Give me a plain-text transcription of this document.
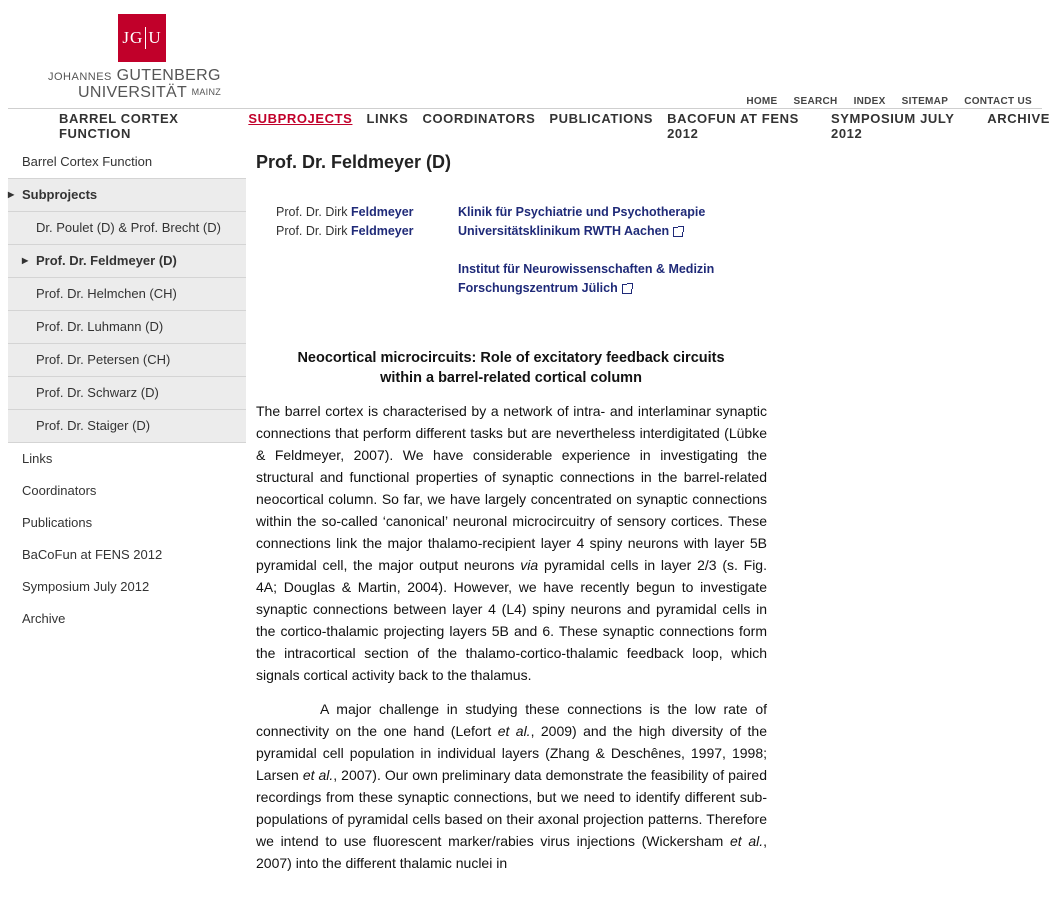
JG U
JOHANNES GUTENBERG
UNIVERSITÄT $^{MAINZ}$
HOME SEARCH INDEX SITEMAP CONTACT US
BARREL CORTEX FUNCTION
SUBPROJECTS LINKS COORDINATORS PUBLICATIONS BACOFUN AT FENS 2012
SYMPOSIUM JULY 2012
ARCHIVE
Barrel Cortex Function
▶ Subprojects
Dr. Poulet (D) & Prof. Brecht (D)
▶ Prof. Dr. Feldmeyer (D)
Prof. Dr. Helmchen (CH)
Prof. Dr. Luhmann (D)
Prof. Dr. Petersen (CH)
Prof. Dr. Schwarz (D)
Prof. Dr. Staiger (D)
Links
Coordinators
Publications
BaCoFun at FENS 2012
Symposium July 2012
Archive
Prof. Dr. Feldmeyer (D)
Prof. Dr. Dirk Feldmeyer
Prof. Dr. Dirk Feldmeyer
Klinik für Psychiatrie und Psychotherapie
Universitätsklinikum RWTH Aachen
Institut für Neurowissenschaften & Medizin
Forschungszentrum Jülich
Neocortical microcircuits: Role of excitatory feedback circuits
within a barrel-related cortical column

The barrel cortex is characterised by a network of intra- and interlaminar synaptic connections that perform different tasks but are nevertheless interdigitated (Lübke & Feldmeyer, 2007). We have considerable experience in investigating the structural and functional properties of synaptic connections in the barrel-related neocortical column. So far, we have largely concentrated on synaptic connections within the so-called ‘canonical’ neuronal microcircuitry of sensory cortices. These connections link the major thalamo-recipient layer 4 spiny neurons with layer 5B pyramidal cell, the major output neurons via pyramidal cells in layer 2/3 (s. Fig. 4A; Douglas & Martin, 2004). However, we have recently begun to investigate synaptic connections between layer 4 (L4) spiny neurons and pyramidal cells in the cortico-thalamic projecting layers 5B and 6. These synaptic connections form the intracortical section of the thalamo-cortico-thalamic feedback loop, which signals cortical activity back to the thalamus.

A major challenge in studying these connections is the low rate of connectivity on the one hand (Lefort et al., 2009) and the high diversity of the pyramidal cell population in individual layers (Zhang & Deschênes, 1997, 1998; Larsen et al., 2007). Our own preliminary data demonstrate the feasibility of paired recordings from these synaptic connections, but we need to identify different sub-populations of pyramidal cells based on their axonal projection patterns. Therefore we intend to use fluorescent marker/rabies virus injections (Wickersham et al., 2007) into the different thalamic nuclei in
